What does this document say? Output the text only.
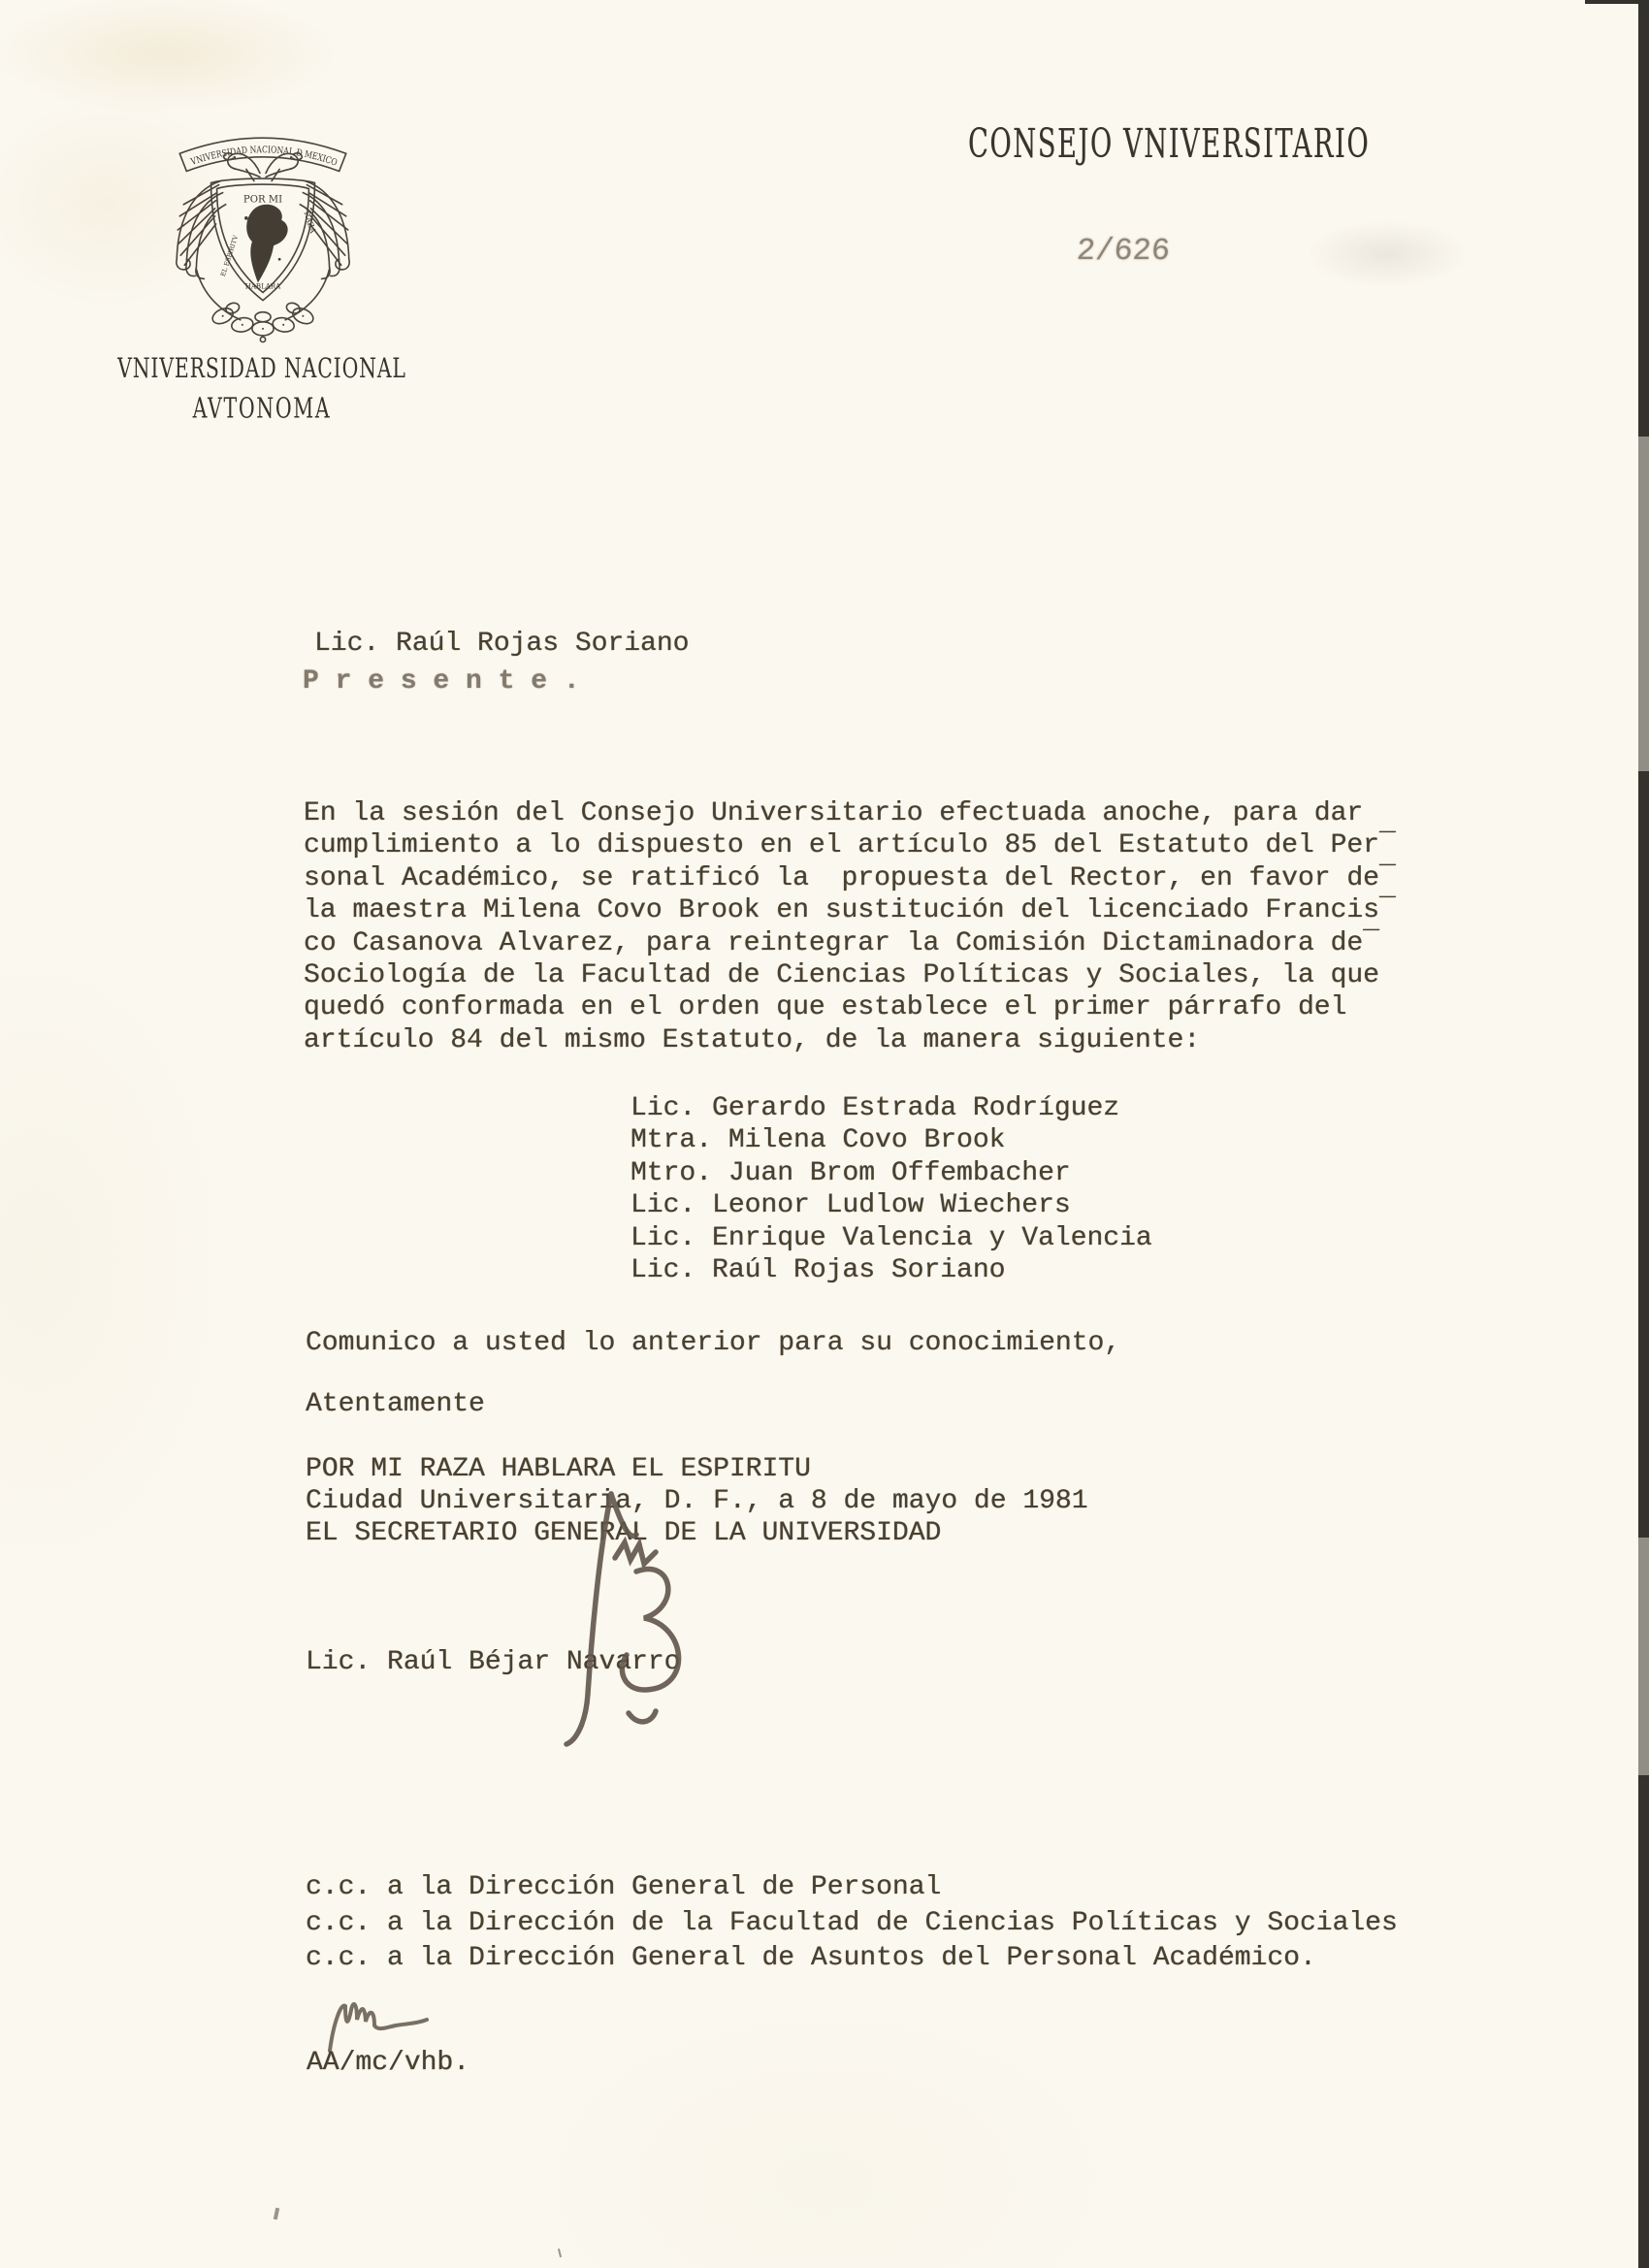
VNIVERSIDAD NACIONAL Đ MEXICO
POR MI
RAZA
HABLARA
EL ESPIRITV
CONSEJO VNIVERSITARIO
2/626
VNIVERSIDAD NACIONAL
AVTONOMA
Lic. Raúl Rojas Soriano
P r e s e n t e .
En la sesión del Consejo Universitario efectuada anoche, para dar
cumplimiento a lo dispuesto en el artículo 85 del Estatuto del Per‾
sonal Académico, se ratificó la  propuesta del Rector, en favor de‾
la maestra Milena Covo Brook en sustitución del licenciado Francis‾
co Casanova Alvarez, para reintegrar la Comisión Dictaminadora de‾
Sociología de la Facultad de Ciencias Políticas y Sociales, la que
quedó conformada en el orden que establece el primer párrafo del
artículo 84 del mismo Estatuto, de la manera siguiente:
Lic. Gerardo Estrada Rodríguez
Mtra. Milena Covo Brook
Mtro. Juan Brom Offembacher
Lic. Leonor Ludlow Wiechers
Lic. Enrique Valencia y Valencia
Lic. Raúl Rojas Soriano
Comunico a usted lo anterior para su conocimiento,
Atentamente
POR MI RAZA HABLARA EL ESPIRITU
Ciudad Universitaria, D. F., a 8 de mayo de 1981
EL SECRETARIO GENERAL DE LA UNIVERSIDAD
Lic. Raúl Béjar Navarro
c.c. a la Dirección General de Personal
c.c. a la Dirección de la Facultad de Ciencias Políticas y Sociales
c.c. a la Dirección General de Asuntos del Personal Académico.
AA/mc/vhb.
